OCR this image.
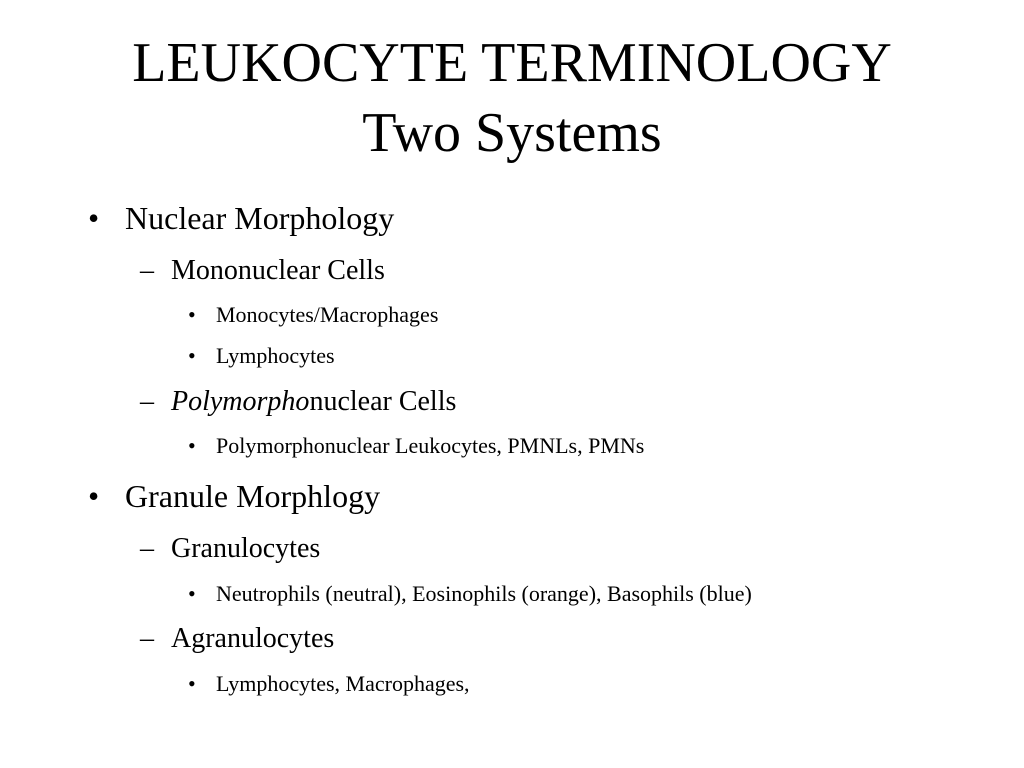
LEUKOCYTE TERMINOLOGY
Two Systems
• Nuclear Morphology
– Mononuclear Cells
• Monocytes/Macrophages
• Lymphocytes
– Polymorphonuclear Cells
• Polymorphonuclear Leukocytes, PMNLs, PMNs
• Granule Morphlogy
– Granulocytes
• Neutrophils (neutral), Eosinophils (orange), Basophils (blue)
– Agranulocytes
• Lymphocytes, Macrophages,
